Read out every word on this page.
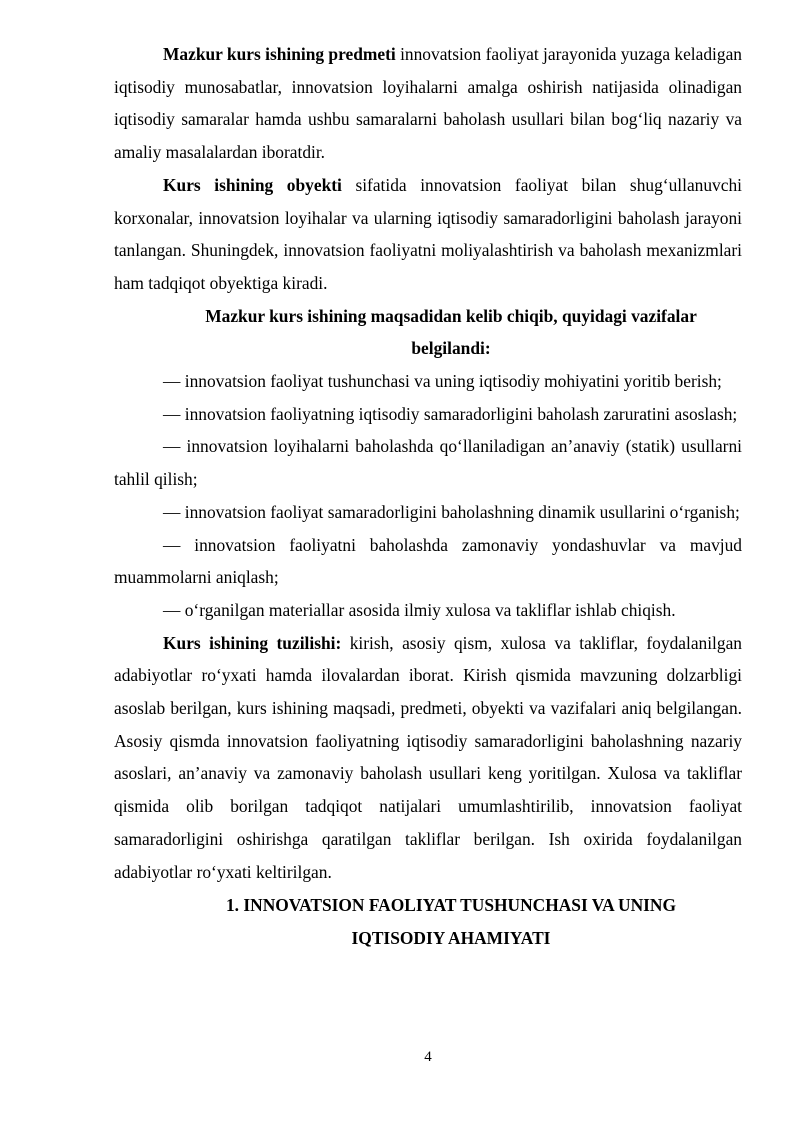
Mazkur kurs ishining predmeti innovatsion faoliyat jarayonida yuzaga keladigan iqtisodiy munosabatlar, innovatsion loyihalarni amalga oshirish natijasida olinadigan iqtisodiy samaralar hamda ushbu samaralarni baholash usullari bilan bog‘liq nazariy va amaliy masalalardan iboratdir.

Kurs ishining obyekti sifatida innovatsion faoliyat bilan shug‘ullanuvchi korxonalar, innovatsion loyihalar va ularning iqtisodiy samaradorligini baholash jarayoni tanlangan. Shuningdek, innovatsion faoliyatni moliyalashtirish va baholash mexanizmlari ham tadqiqot obyektiga kiradi.

Mazkur kurs ishining maqsadidan kelib chiqib, quyidagi vazifalar belgilandi:

— innovatsion faoliyat tushunchasi va uning iqtisodiy mohiyatini yoritib berish;

— innovatsion faoliyatning iqtisodiy samaradorligini baholash zaruratini asoslash;

— innovatsion loyihalarni baholashda qo‘llaniladigan an’anaviy (statik) usullarni tahlil qilish;

— innovatsion faoliyat samaradorligini baholashning dinamik usullarini o‘rganish;

— innovatsion faoliyatni baholashda zamonaviy yondashuvlar va mavjud muammolarni aniqlash;

— o‘rganilgan materiallar asosida ilmiy xulosa va takliflar ishlab chiqish.

Kurs ishining tuzilishi: kirish, asosiy qism, xulosa va takliflar, foydalanilgan adabiyotlar ro‘yxati hamda ilovalardan iborat. Kirish qismida mavzuning dolzarbligi asoslab berilgan, kurs ishining maqsadi, predmeti, obyekti va vazifalari aniq belgilangan. Asosiy qismda innovatsion faoliyatning iqtisodiy samaradorligini baholashning nazariy asoslari, an’anaviy va zamonaviy baholash usullari keng yoritilgan. Xulosa va takliflar qismida olib borilgan tadqiqot natijalari umumlashtirilib, innovatsion faoliyat samaradorligini oshirishga qaratilgan takliflar berilgan. Ish oxirida foydalanilgan adabiyotlar ro‘yxati keltirilgan.

1. INNOVATSION FAOLIYAT TUSHUNCHASI VA UNING IQTISODIY AHAMIYATI

4
